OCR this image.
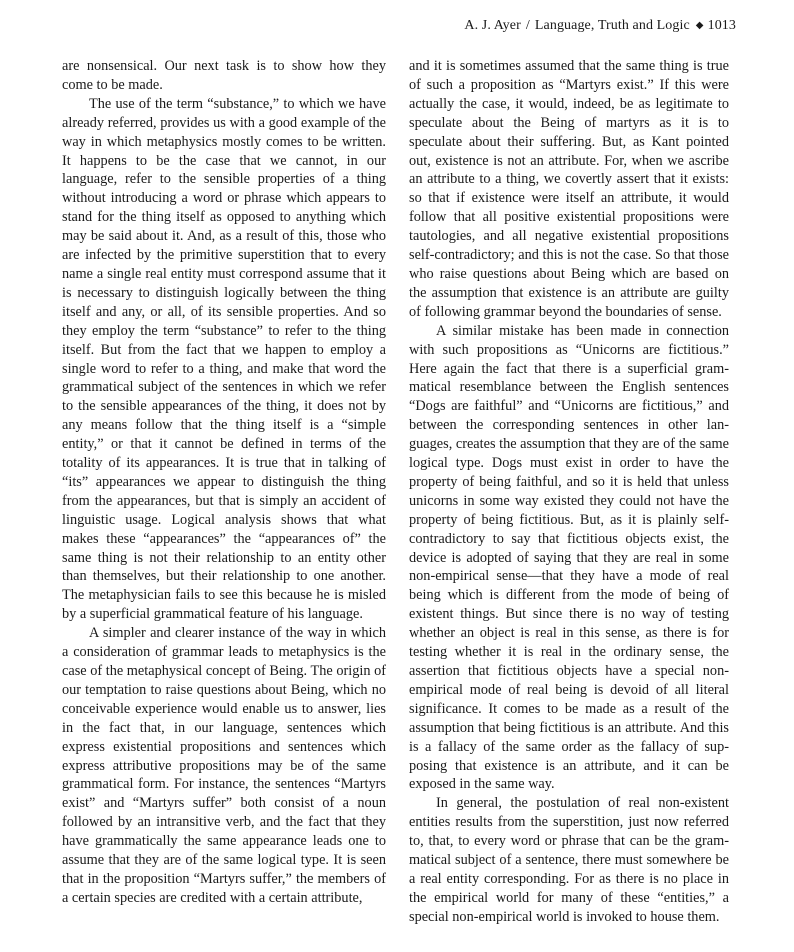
A. J. Ayer / Language, Truth and Logic ◆ 1013

are nonsensical. Our next task is to show how they come to be made.

The use of the term “substance,” to which we have already referred, provides us with a good example of the way in which metaphysics mostly comes to be written. It happens to be the case that we cannot, in our language, refer to the sensible properties of a thing without introducing a word or phrase which appears to stand for the thing itself as opposed to anything which may be said about it. And, as a result of this, those who are infected by the primitive superstition that to every name a single real entity must correspond assume that it is necessary to distinguish logically between the thing itself and any, or all, of its sensible properties. And so they employ the term “substance” to refer to the thing itself. But from the fact that we happen to employ a single word to refer to a thing, and make that word the grammatical subject of the sentences in which we refer to the sensible appearances of the thing, it does not by any means follow that the thing itself is a “simple entity,” or that it cannot be defined in terms of the totality of its appearances. It is true that in talking of “its” appearances we appear to distinguish the thing from the appearances, but that is simply an accident of linguistic usage. Logical analysis shows that what makes these “appearances” the “appearances of” the same thing is not their relationship to an entity other than themselves, but their relationship to one another. The metaphysician fails to see this because he is misled by a superficial grammatical feature of his language.

A simpler and clearer instance of the way in which a consideration of grammar leads to metaphysics is the case of the metaphysical concept of Being. The origin of our temptation to raise questions about Being, which no conceivable experience would enable us to answer, lies in the fact that, in our language, sentences which express existential propositions and sentences which express attributive propositions may be of the same grammatical form. For instance, the sentences “Martyrs exist” and “Martyrs suffer” both consist of a noun followed by an intransitive verb, and the fact that they have grammatically the same appearance leads one to assume that they are of the same logical type. It is seen that in the proposition “Martyrs suffer,” the members of a certain species are credited with a certain attribute,

and it is sometimes assumed that the same thing is true of such a proposition as “Martyrs exist.” If this were actually the case, it would, indeed, be as legitimate to speculate about the Being of martyrs as it is to speculate about their suffering. But, as Kant pointed out, existence is not an attribute. For, when we ascribe an attribute to a thing, we covertly assert that it exists: so that if existence were itself an attribute, it would follow that all positive existential propositions were tautologies, and all negative existential propositions self-contradictory; and this is not the case. So that those who raise questions about Being which are based on the assumption that existence is an attribute are guilty of following grammar beyond the boundaries of sense.

A similar mistake has been made in connection with such propositions as “Unicorns are fictitious.” Here again the fact that there is a superficial grammatical resemblance between the English sentences “Dogs are faithful” and “Unicorns are fictitious,” and between the corresponding sentences in other languages, creates the assumption that they are of the same logical type. Dogs must exist in order to have the property of being faithful, and so it is held that unless unicorns in some way existed they could not have the property of being fictitious. But, as it is plainly self-contradictory to say that fictitious objects exist, the device is adopted of saying that they are real in some non-empirical sense—that they have a mode of real being which is different from the mode of being of existent things. But since there is no way of testing whether an object is real in this sense, as there is for testing whether it is real in the ordinary sense, the assertion that fictitious objects have a special non-empirical mode of real being is devoid of all literal significance. It comes to be made as a result of the assumption that being fictitious is an attribute. And this is a fallacy of the same order as the fallacy of supposing that existence is an attribute, and it can be exposed in the same way.

In general, the postulation of real non-existent entities results from the superstition, just now referred to, that, to every word or phrase that can be the grammatical subject of a sentence, there must somewhere be a real entity corresponding. For as there is no place in the empirical world for many of these “entities,” a special non-empirical world is invoked to house them.
